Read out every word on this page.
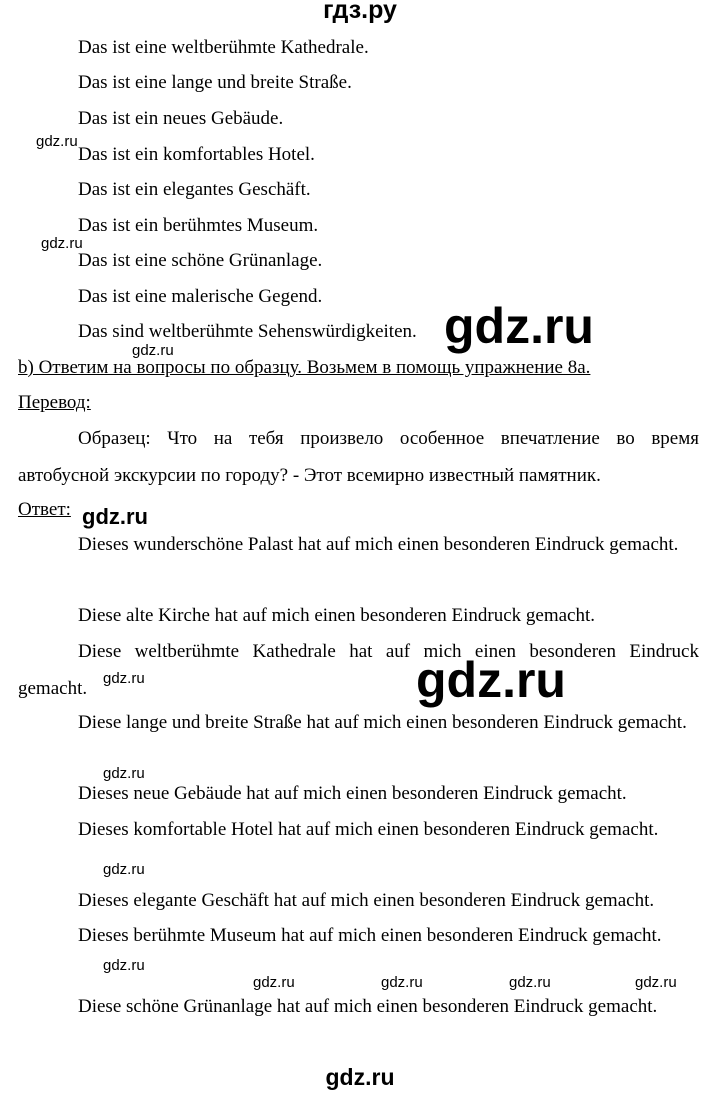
гдз.ру
Das ist eine weltberühmte Kathedrale.
Das ist eine lange und breite Straße.
Das ist ein neues Gebäude.
Das ist ein komfortables Hotel.
Das ist ein elegantes Geschäft.
Das ist ein berühmtes Museum.
Das ist eine schöne Grünanlage.
Das ist eine malerische Gegend.
Das sind weltberühmte Sehenswürdigkeiten.
b) Ответим на вопросы по образцу. Возьмем в помощь упражнение 8a.
Перевод:
Образец: Что на тебя произвело особенное впечатление во время автобусной экскурсии по городу? - Этот всемирно известный памятник.
Ответ:
Dieses wunderschöne Palast hat auf mich einen besonderen Eindruck gemacht.
Diese alte Kirche hat auf mich einen besonderen Eindruck gemacht.
Diese weltberühmte Kathedrale hat auf mich einen besonderen Eindruck gemacht.
Diese lange und breite Straße hat auf mich einen besonderen Eindruck gemacht.
Dieses neue Gebäude hat auf mich einen besonderen Eindruck gemacht.
Dieses komfortable Hotel hat auf mich einen besonderen Eindruck gemacht.
Dieses elegante Geschäft hat auf mich einen besonderen Eindruck gemacht.
Dieses berühmte Museum hat auf mich einen besonderen Eindruck gemacht.
Diese schöne Grünanlage hat auf mich einen besonderen Eindruck gemacht.
gdz.ru
gdz.ru
gdz.ru
gdz.ru
gdz.ru
gdz.ru
gdz.ru
gdz.ru
gdz.ru
gdz.ru
gdz.ru	gdz.ru	gdz.ru	gdz.ru
gdz.ru
